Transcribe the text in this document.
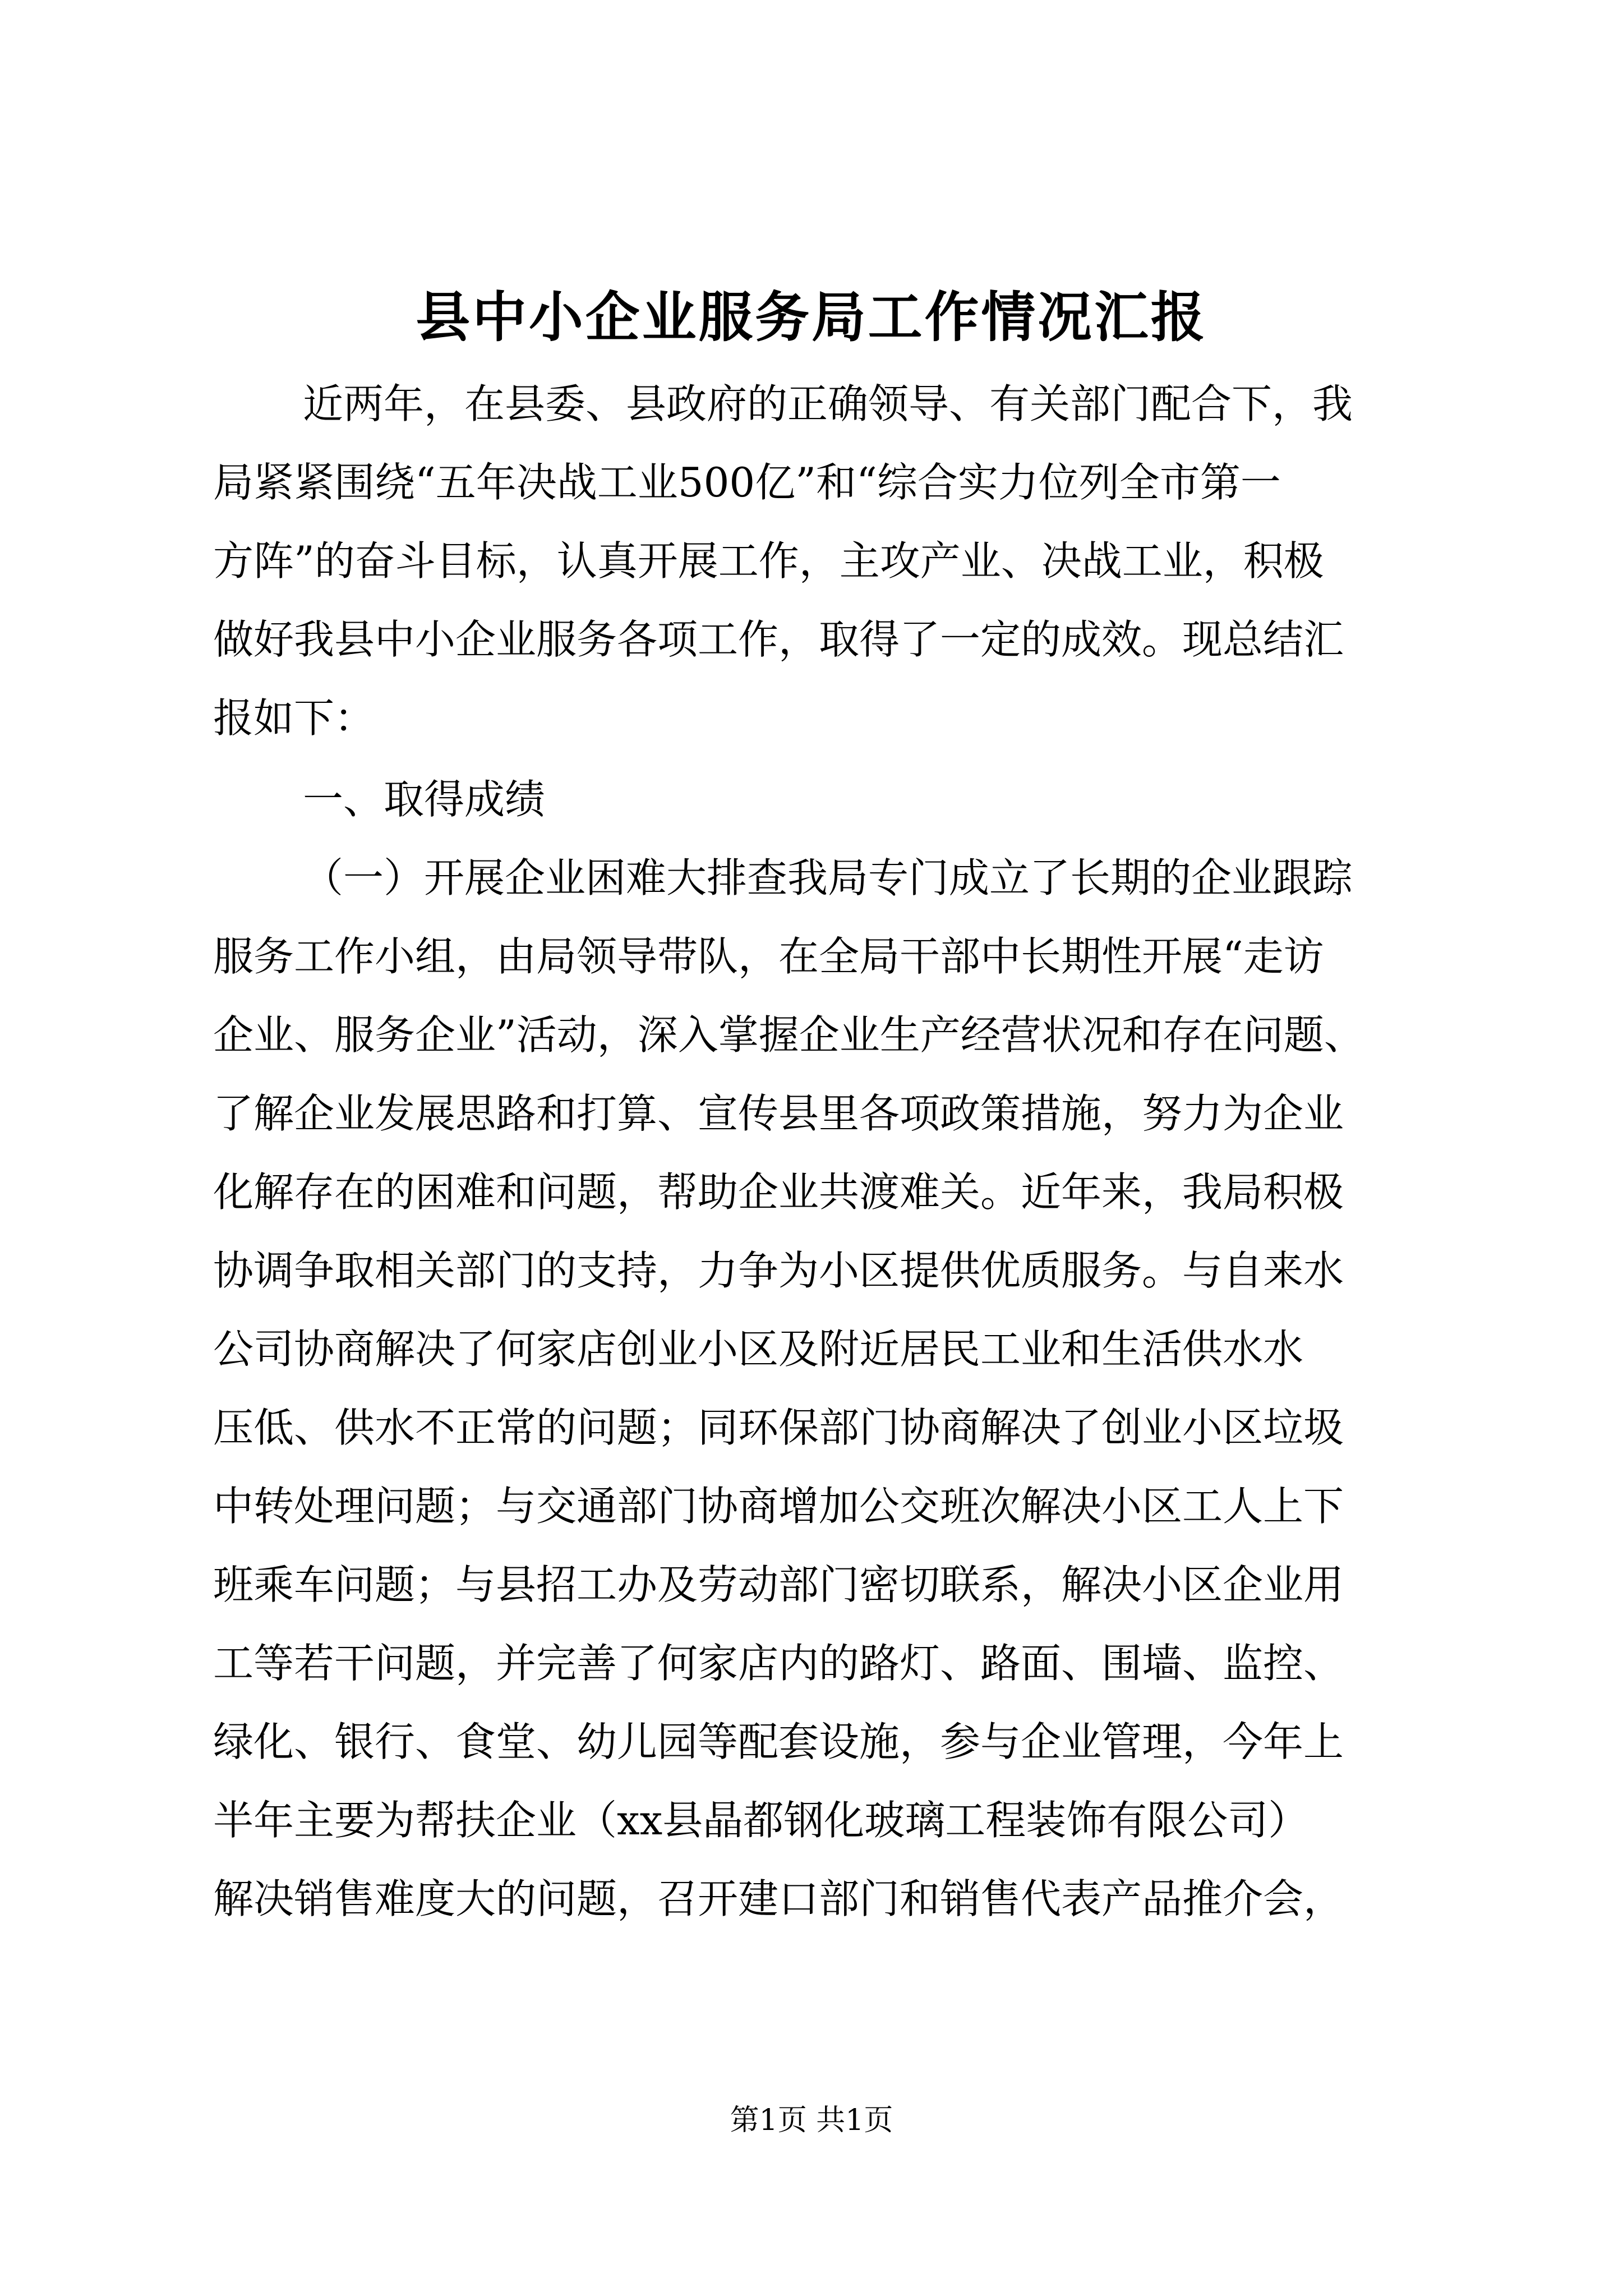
县中小企业服务局工作情况汇报
近两年，在县委、县政府的正确领导、有关部门配合下，我
局紧紧围绕“五年决战工业500亿”和“综合实力位列全市第一
方阵”的奋斗目标，认真开展工作，主攻产业、决战工业，积极
做好我县中小企业服务各项工作，取得了一定的成效。现总结汇
报如下：
一、取得成绩
（一）开展企业困难大排查我局专门成立了长期的企业跟踪
服务工作小组，由局领导带队，在全局干部中长期性开展“走访
企业、服务企业”活动，深入掌握企业生产经营状况和存在问题、
了解企业发展思路和打算、宣传县里各项政策措施，努力为企业
化解存在的困难和问题，帮助企业共渡难关。近年来，我局积极
协调争取相关部门的支持，力争为小区提供优质服务。与自来水
公司协商解决了何家店创业小区及附近居民工业和生活供水水
压低、供水不正常的问题；同环保部门协商解决了创业小区垃圾
中转处理问题；与交通部门协商增加公交班次解决小区工人上下
班乘车问题；与县招工办及劳动部门密切联系，解决小区企业用
工等若干问题，并完善了何家店内的路灯、路面、围墙、监控、
绿化、银行、食堂、幼儿园等配套设施，参与企业管理，今年上
半年主要为帮扶企业（xx县晶都钢化玻璃工程装饰有限公司）
解决销售难度大的问题，召开建口部门和销售代表产品推介会，
第1页 共1页
